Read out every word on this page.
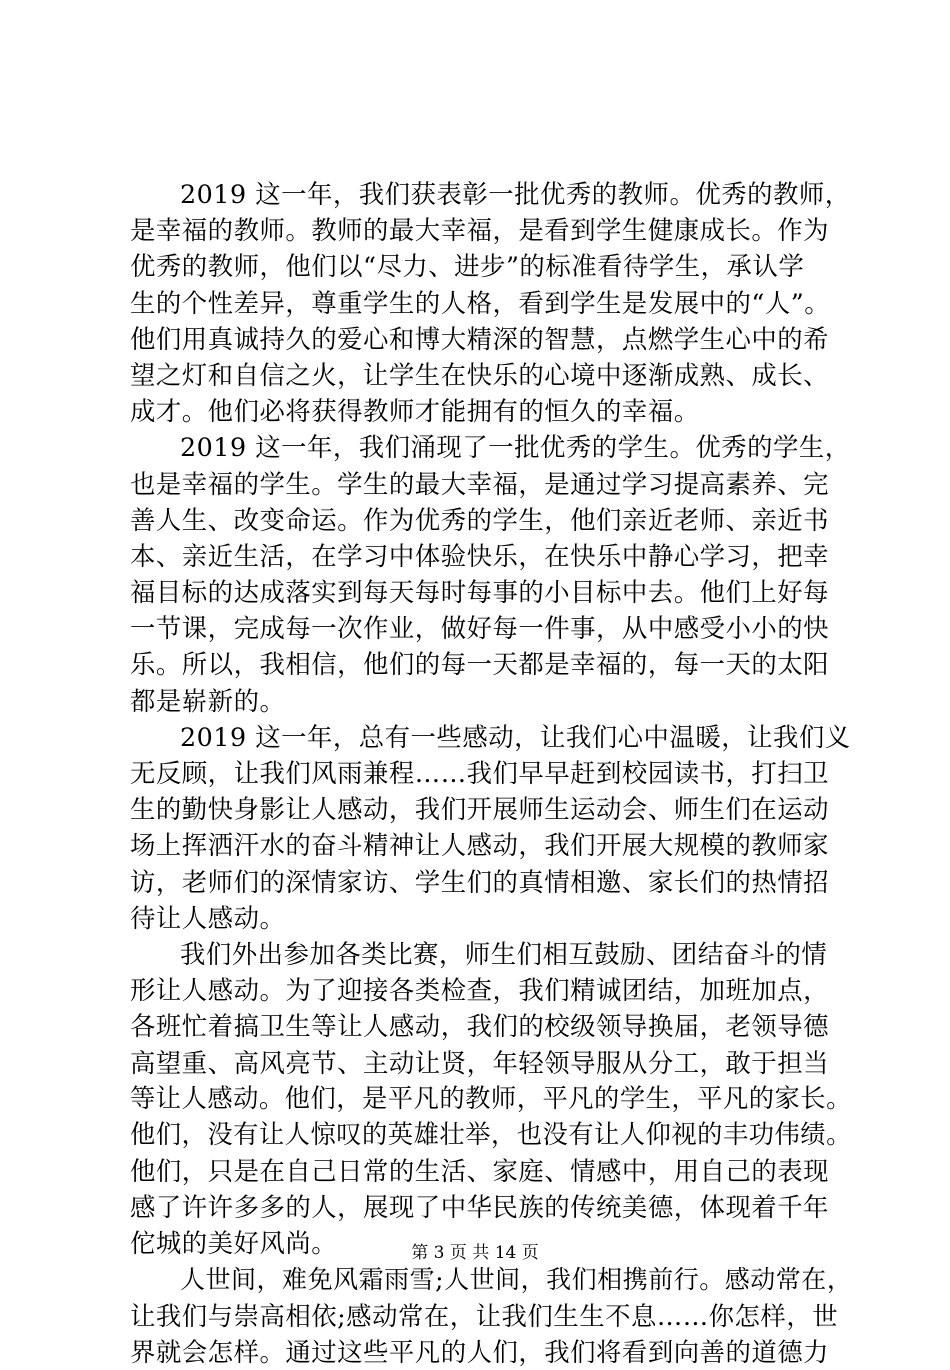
2019 这一年，我们获表彰一批优秀的教师。优秀的教师，
是幸福的教师。教师的最大幸福，是看到学生健康成长。作为
优秀的教师，他们以“尽力、进步”的标准看待学生，承认学
生的个性差异，尊重学生的人格，看到学生是发展中的“人”。
他们用真诚持久的爱心和博大精深的智慧，点燃学生心中的希
望之灯和自信之火，让学生在快乐的心境中逐渐成熟、成长、
成才。他们必将获得教师才能拥有的恒久的幸福。
2019 这一年，我们涌现了一批优秀的学生。优秀的学生，
也是幸福的学生。学生的最大幸福，是通过学习提高素养、完
善人生、改变命运。作为优秀的学生，他们亲近老师、亲近书
本、亲近生活，在学习中体验快乐，在快乐中静心学习，把幸
福目标的达成落实到每天每时每事的小目标中去。他们上好每
一节课，完成每一次作业，做好每一件事，从中感受小小的快
乐。所以，我相信，他们的每一天都是幸福的，每一天的太阳
都是崭新的。
2019 这一年，总有一些感动，让我们心中温暖，让我们义
无反顾，让我们风雨兼程……我们早早赶到校园读书，打扫卫
生的勤快身影让人感动，我们开展师生运动会、师生们在运动
场上挥洒汗水的奋斗精神让人感动，我们开展大规模的教师家
访，老师们的深情家访、学生们的真情相邀、家长们的热情招
待让人感动。
我们外出参加各类比赛，师生们相互鼓励、团结奋斗的情
形让人感动。为了迎接各类检查，我们精诚团结，加班加点，
各班忙着搞卫生等让人感动，我们的校级领导换届，老领导德
高望重、高风亮节、主动让贤，年轻领导服从分工，敢于担当
等让人感动。他们，是平凡的教师，平凡的学生，平凡的家长。
他们，没有让人惊叹的英雄壮举，也没有让人仰视的丰功伟绩。
他们，只是在自己日常的生活、家庭、情感中，用自己的表现
感了许许多多的人，展现了中华民族的传统美德，体现着千年
佗城的美好风尚。
人世间，难免风霜雨雪;人世间，我们相携前行。感动常在，
让我们与崇高相依;感动常在，让我们生生不息……你怎样，世
界就会怎样。通过这些平凡的人们，我们将看到向善的道德力
第 3 页 共 14 页
